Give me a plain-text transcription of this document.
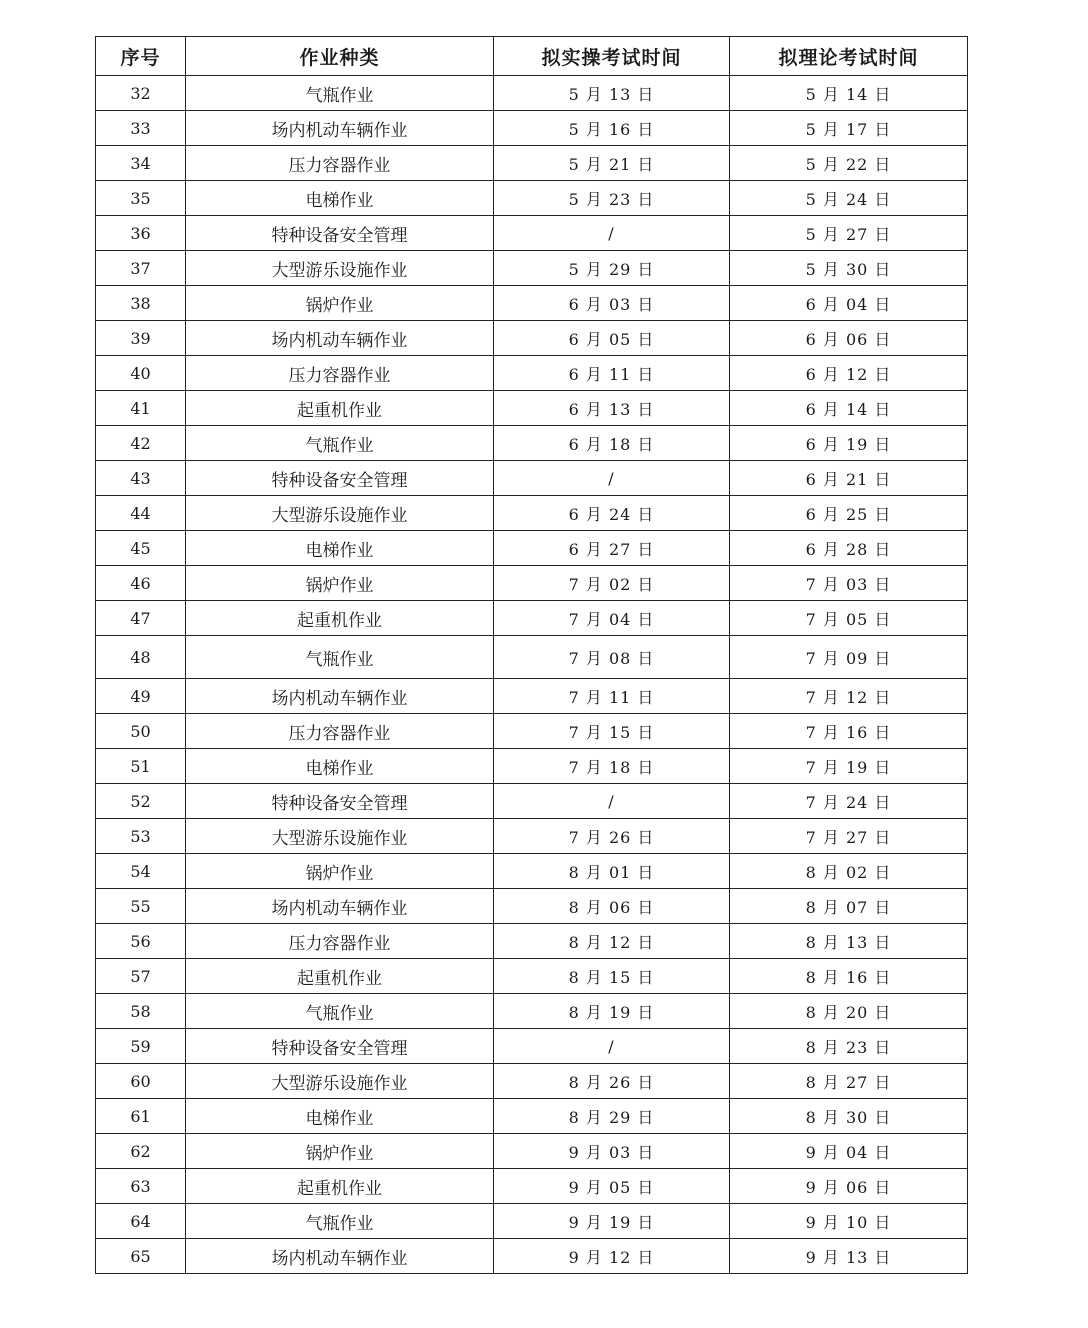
序号	作业种类	拟实操考试时间	拟理论考试时间
32	气瓶作业	5 月 13 日	5 月 14 日
33	场内机动车辆作业	5 月 16 日	5 月 17 日
34	压力容器作业	5 月 21 日	5 月 22 日
35	电梯作业	5 月 23 日	5 月 24 日
36	特种设备安全管理	/	5 月 27 日
37	大型游乐设施作业	5 月 29 日	5 月 30 日
38	锅炉作业	6 月 03 日	6 月 04 日
39	场内机动车辆作业	6 月 05 日	6 月 06 日
40	压力容器作业	6 月 11 日	6 月 12 日
41	起重机作业	6 月 13 日	6 月 14 日
42	气瓶作业	6 月 18 日	6 月 19 日
43	特种设备安全管理	/	6 月 21 日
44	大型游乐设施作业	6 月 24 日	6 月 25 日
45	电梯作业	6 月 27 日	6 月 28 日
46	锅炉作业	7 月 02 日	7 月 03 日
47	起重机作业	7 月 04 日	7 月 05 日
48	气瓶作业	7 月 08 日	7 月 09 日
49	场内机动车辆作业	7 月 11 日	7 月 12 日
50	压力容器作业	7 月 15 日	7 月 16 日
51	电梯作业	7 月 18 日	7 月 19 日
52	特种设备安全管理	/	7 月 24 日
53	大型游乐设施作业	7 月 26 日	7 月 27 日
54	锅炉作业	8 月 01 日	8 月 02 日
55	场内机动车辆作业	8 月 06 日	8 月 07 日
56	压力容器作业	8 月 12 日	8 月 13 日
57	起重机作业	8 月 15 日	8 月 16 日
58	气瓶作业	8 月 19 日	8 月 20 日
59	特种设备安全管理	/	8 月 23 日
60	大型游乐设施作业	8 月 26 日	8 月 27 日
61	电梯作业	8 月 29 日	8 月 30 日
62	锅炉作业	9 月 03 日	9 月 04 日
63	起重机作业	9 月 05 日	9 月 06 日
64	气瓶作业	9 月 19 日	9 月 10 日
65	场内机动车辆作业	9 月 12 日	9 月 13 日
